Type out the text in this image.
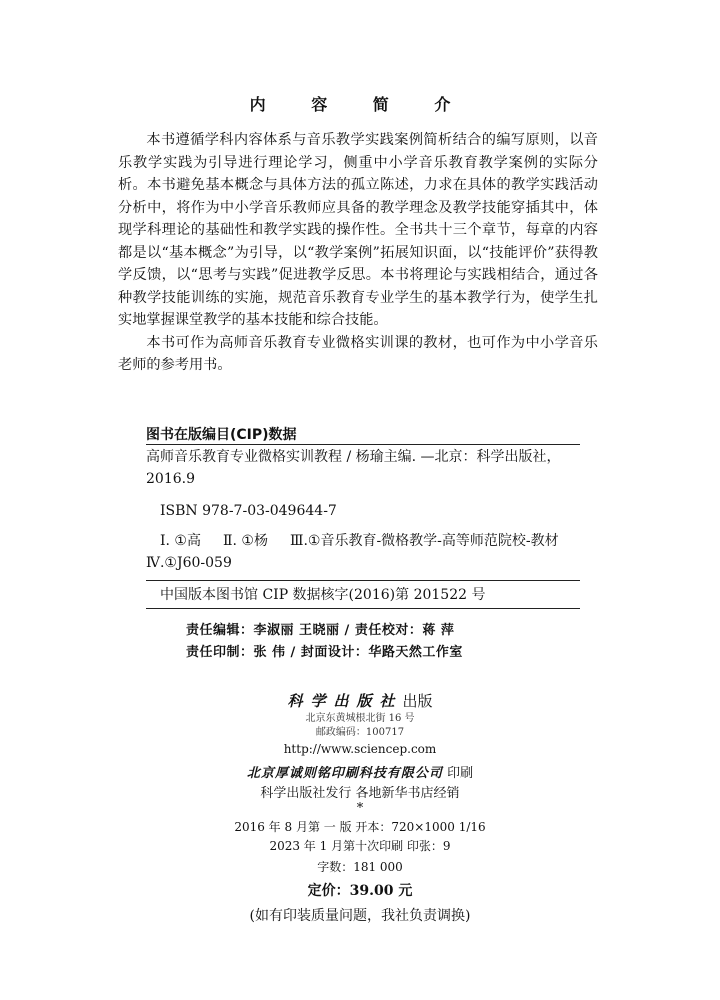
内 容 简 介

本书遵循学科内容体系与音乐教学实践案例简析结合的编写原则，以音乐教学实践为引导进行理论学习，侧重中小学音乐教育教学案例的实际分析。本书避免基本概念与具体方法的孤立陈述，力求在具体的教学实践活动分析中，将作为中小学音乐教师应具备的教学理念及教学技能穿插其中，体现学科理论的基础性和教学实践的操作性。全书共十三个章节，每章的内容都是以“基本概念”为引导，以“教学案例”拓展知识面，以“技能评价”获得教学反馈，以“思考与实践”促进教学反思。本书将理论与实践相结合，通过各种教学技能训练的实施，规范音乐教育专业学生的基本教学行为，使学生扎实地掌握课堂教学的基本技能和综合技能。

本书可作为高师音乐教育专业微格实训课的教材，也可作为中小学音乐老师的参考用书。

图书在版编目(CIP)数据
高师音乐教育专业微格实训教程 / 杨瑜主编. —北京：科学出版社，2016.9
ISBN 978-7-03-049644-7
Ⅰ. ①高 Ⅱ. ①杨 Ⅲ.①音乐教育-微格教学-高等师范院校-教材Ⅳ.①J60-059
中国版本图书馆 CIP 数据核字(2016)第 201522 号
责任编辑：李淑丽 王晓丽 / 责任校对：蒋 萍
责任印制：张 伟 / 封面设计：华路天然工作室
科学出版社出版
北京东黄城根北街 16 号
邮政编码：100717
http://www.sciencep.com
北京厚诚则铭印刷科技有限公司 印刷
科学出版社发行 各地新华书店经销
*
2016 年 8 月第 一 版 开本：720×1000 1/16
2023 年 1 月第十次印刷 印张：9
字数：181 000
定价：39.00 元
(如有印装质量问题，我社负责调换)
